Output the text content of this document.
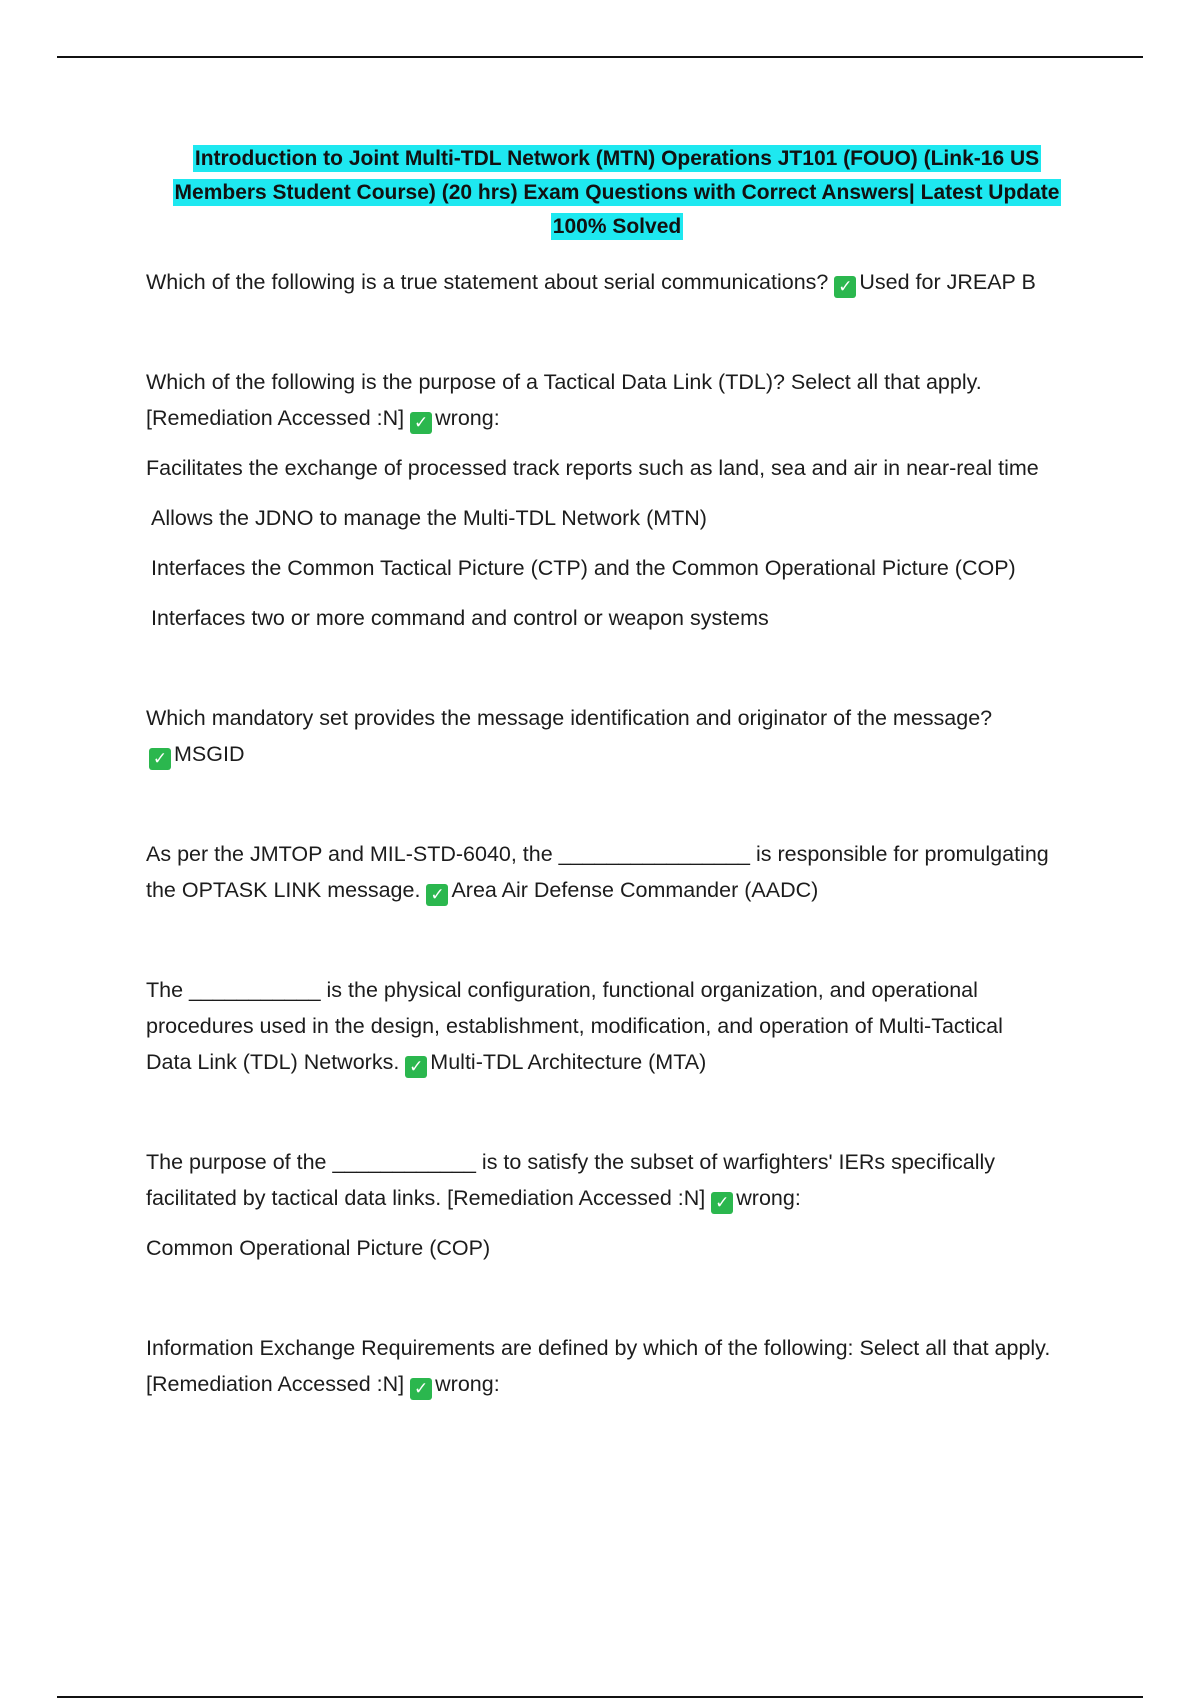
Introduction to Joint Multi-TDL Network (MTN) Operations JT101 (FOUO) (Link-16 US
Members Student Course) (20 hrs) Exam Questions with Correct Answers| Latest Update
100% Solved

Which of the following is a true statement about serial communications? ✓ Used for JREAP B

Which of the following is the purpose of a Tactical Data Link (TDL)? Select all that apply.

[Remediation Accessed :N] ✓ wrong:

Facilitates the exchange of processed track reports such as land, sea and air in near-real time

Allows the JDNO to manage the Multi-TDL Network (MTN)

Interfaces the Common Tactical Picture (CTP) and the Common Operational Picture (COP)

Interfaces two or more command and control or weapon systems

Which mandatory set provides the message identification and originator of the message?

✓ MSGID

As per the JMTOP and MIL-STD-6040, the ________________ is responsible for promulgating

the OPTASK LINK message. ✓ Area Air Defense Commander (AADC)

The ___________ is the physical configuration, functional organization, and operational

procedures used in the design, establishment, modification, and operation of Multi-Tactical

Data Link (TDL) Networks. ✓ Multi-TDL Architecture (MTA)

The purpose of the ____________ is to satisfy the subset of warfighters' IERs specifically

facilitated by tactical data links. [Remediation Accessed :N] ✓ wrong:

Common Operational Picture (COP)

Information Exchange Requirements are defined by which of the following: Select all that apply.

[Remediation Accessed :N] ✓ wrong:
